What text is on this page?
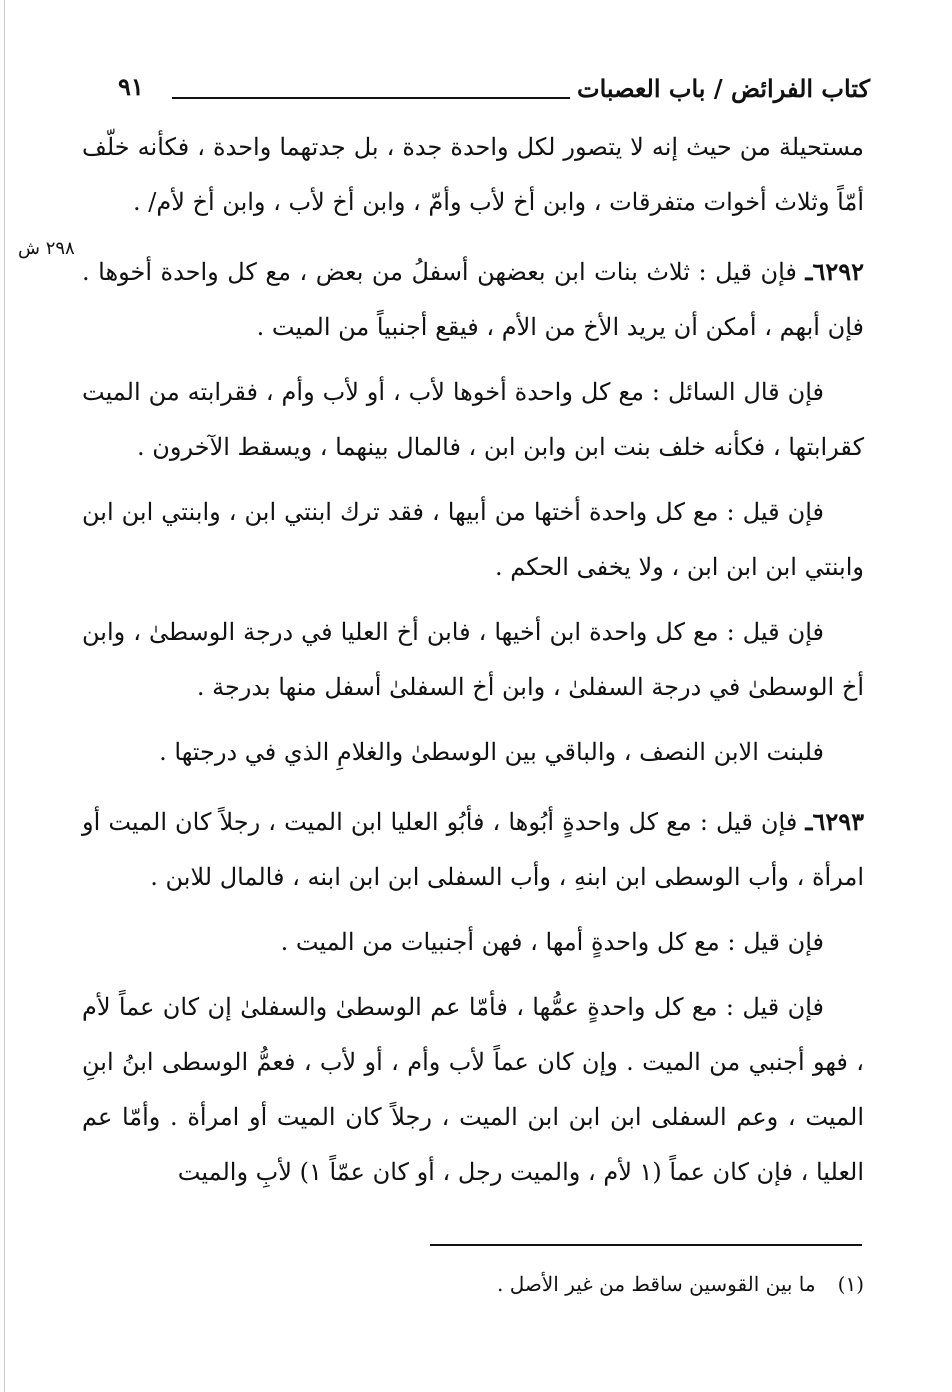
كتاب الفرائض / باب العصبات
٩١
٢٩٨ ش

مستحيلة من حيث إنه لا يتصور لكل واحدة جدة ، بل جدتهما واحدة ، فكأنه خلّف أمّاً وثلاث أخوات متفرقات ، وابن أخ لأب وأمّ ، وابن أخ لأب ، وابن أخ لأم/ .

٦٢٩٢ـ فإن قيل : ثلاث بنات ابن بعضهن أسفلُ من بعض ، مع كل واحدة أخوها . فإن أبهم ، أمكن أن يريد الأخ من الأم ، فيقع أجنبياً من الميت .

فإن قال السائل : مع كل واحدة أخوها لأب ، أو لأب وأم ، فقرابته من الميت كقرابتها ، فكأنه خلف بنت ابن وابن ابن ، فالمال بينهما ، ويسقط الآخرون .

فإن قيل : مع كل واحدة أختها من أبيها ، فقد ترك ابنتي ابن ، وابنتي ابن ابن وابنتي ابن ابن ابن ، ولا يخفى الحكم .

فإن قيل : مع كل واحدة ابن أخيها ، فابن أخ العليا في درجة الوسطىٰ ، وابن أخ الوسطىٰ في درجة السفلىٰ ، وابن أخ السفلىٰ أسفل منها بدرجة .

فلبنت الابن النصف ، والباقي بين الوسطىٰ والغلامِ الذي في درجتها .

٦٢٩٣ـ فإن قيل : مع كل واحدةٍ أبُوها ، فأبُو العليا ابن الميت ، رجلاً كان الميت أو امرأة ، وأب الوسطى ابن ابنهِ ، وأب السفلى ابن ابن ابنه ، فالمال للابن .

فإن قيل : مع كل واحدةٍ أمها ، فهن أجنبيات من الميت .

فإن قيل : مع كل واحدةٍ عمُّها ، فأمّا عم الوسطىٰ والسفلىٰ إن كان عماً لأم ، فهو أجنبي من الميت . وإن كان عماً لأب وأم ، أو لأب ، فعمُّ الوسطى ابنُ ابنِ الميت ، وعم السفلى ابن ابن ابن الميت ، رجلاً كان الميت أو امرأة . وأمّا عم العليا ، فإن كان عماً (١ لأم ، والميت رجل ، أو كان عمّاً ١) لأبِ والميت

(١)ما بين القوسين ساقط من غير الأصل .
